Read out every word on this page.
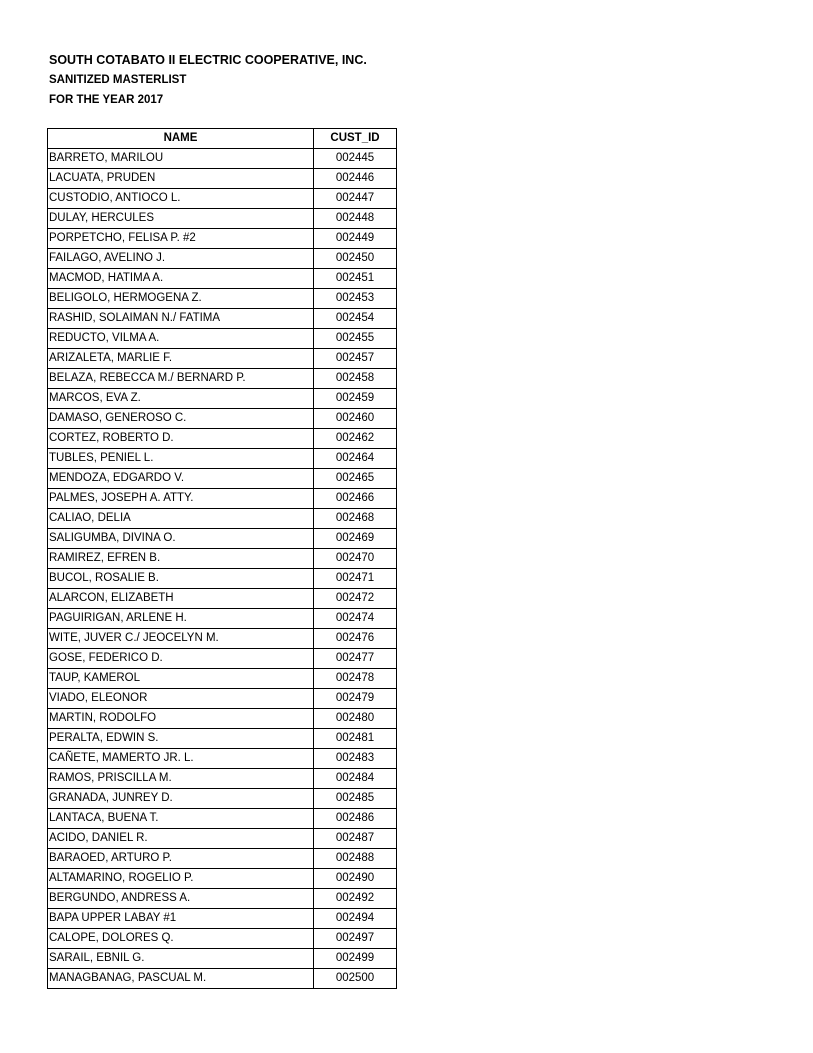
SOUTH COTABATO II ELECTRIC COOPERATIVE, INC.
SANITIZED MASTERLIST
FOR THE YEAR 2017
NAME	CUST_ID
BARRETO, MARILOU	002445
LACUATA, PRUDEN	002446
CUSTODIO, ANTIOCO L.	002447
DULAY, HERCULES	002448
PORPETCHO, FELISA P. #2	002449
FAILAGO, AVELINO J.	002450
MACMOD, HATIMA A.	002451
BELIGOLO, HERMOGENA Z.	002453
RASHID, SOLAIMAN N./ FATIMA	002454
REDUCTO, VILMA A.	002455
ARIZALETA, MARLIE F.	002457
BELAZA, REBECCA M./ BERNARD P.	002458
MARCOS, EVA Z.	002459
DAMASO, GENEROSO C.	002460
CORTEZ, ROBERTO D.	002462
TUBLES, PENIEL L.	002464
MENDOZA, EDGARDO V.	002465
PALMES, JOSEPH A. ATTY.	002466
CALIAO, DELIA	002468
SALIGUMBA, DIVINA O.	002469
RAMIREZ, EFREN B.	002470
BUCOL, ROSALIE B.	002471
ALARCON, ELIZABETH	002472
PAGUIRIGAN, ARLENE H.	002474
WITE, JUVER C./ JEOCELYN M.	002476
GOSE, FEDERICO D.	002477
TAUP, KAMEROL	002478
VIADO, ELEONOR	002479
MARTIN, RODOLFO	002480
PERALTA, EDWIN S.	002481
CAÑETE, MAMERTO JR. L.	002483
RAMOS, PRISCILLA M.	002484
GRANADA, JUNREY D.	002485
LANTACA, BUENA T.	002486
ACIDO, DANIEL R.	002487
BARAOED, ARTURO P.	002488
ALTAMARINO, ROGELIO P.	002490
BERGUNDO, ANDRESS A.	002492
BAPA UPPER LABAY #1	002494
CALOPE, DOLORES Q.	002497
SARAIL, EBNIL G.	002499
MANAGBANAG, PASCUAL M.	002500
